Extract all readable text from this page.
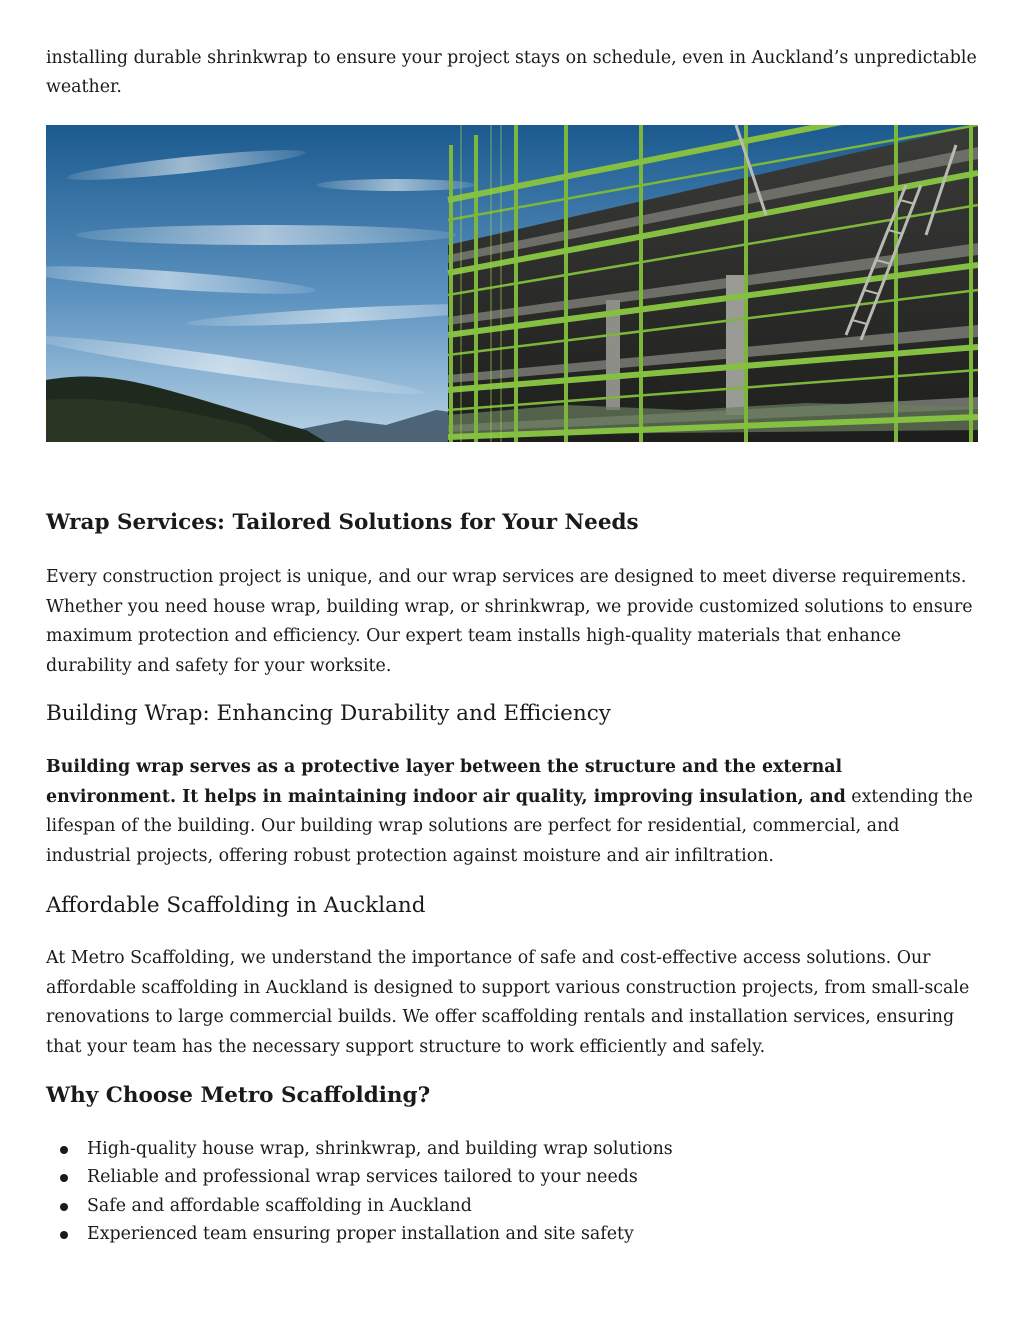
installing durable shrinkwrap to ensure your project stays on schedule, even in Auckland’s unpredictable weather.

Wrap Services: Tailored Solutions for Your Needs

Every construction project is unique, and our wrap services are designed to meet diverse requirements. Whether you need house wrap, building wrap, or shrinkwrap, we provide customized solutions to ensure maximum protection and efficiency. Our expert team installs high-quality materials that enhance durability and safety for your worksite.

Building Wrap: Enhancing Durability and Efficiency

Building wrap serves as a protective layer between the structure and the external environment. It helps in maintaining indoor air quality, improving insulation, and extending the lifespan of the building. Our building wrap solutions are perfect for residential, commercial, and industrial projects, offering robust protection against moisture and air infiltration.

Affordable Scaffolding in Auckland

At Metro Scaffolding, we understand the importance of safe and cost-effective access solutions. Our affordable scaffolding in Auckland is designed to support various construction projects, from small-scale renovations to large commercial builds. We offer scaffolding rentals and installation services, ensuring that your team has the necessary support structure to work efficiently and safely.

Why Choose Metro Scaffolding?
High-quality house wrap, shrinkwrap, and building wrap solutions
Reliable and professional wrap services tailored to your needs
Safe and affordable scaffolding in Auckland
Experienced team ensuring proper installation and site safety
